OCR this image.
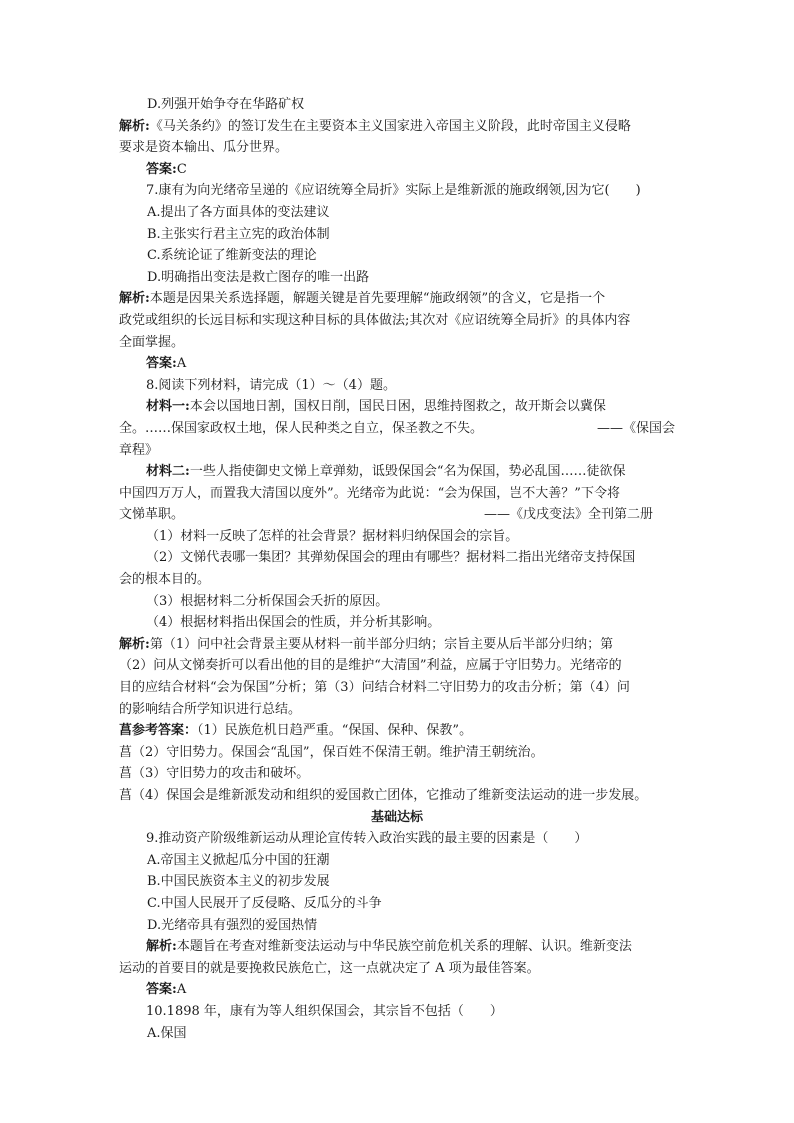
D.列强开始争夺在华路矿权
解析:《马关条约》的签订发生在主要资本主义国家进入帝国主义阶段，此时帝国主义侵略
要求是资本输出、瓜分世界。
答案:C
7.康有为向光绪帝呈递的《应诏统筹全局折》实际上是维新派的施政纲领,因为它(　　)
A.提出了各方面具体的变法建议
B.主张实行君主立宪的政治体制
C.系统论证了维新变法的理论
D.明确指出变法是救亡图存的唯一出路
解析:本题是因果关系选择题，解题关键是首先要理解“施政纲领”的含义，它是指一个
政党或组织的长远目标和实现这种目标的具体做法;其次对《应诏统筹全局折》的具体内容
全面掌握。
答案:A
8.阅读下列材料，请完成（1）～（4）题。
材料一:本会以国地日割，国权日削，国民日困，思维持图救之，故开斯会以冀保
全。……保国家政权土地，保人民种类之自立，保圣教之不失。	——《保国会
章程》
材料二:一些人指使御史文悌上章弹劾，诋毁保国会“名为保国，势必乱国……徒欲保
中国四万万人，而置我大清国以度外”。光绪帝为此说：“会为保国，岂不大善？”下令将
文悌革职。	——《戊戌变法》全刊第二册
（1）材料一反映了怎样的社会背景？据材料归纳保国会的宗旨。
（2）文悌代表哪一集团？其弹劾保国会的理由有哪些？据材料二指出光绪帝支持保国
会的根本目的。
（3）根据材料二分析保国会夭折的原因。
（4）根据材料指出保国会的性质，并分析其影响。
解析:第（1）问中社会背景主要从材料一前半部分归纳；宗旨主要从后半部分归纳；第
（2）问从文悌奏折可以看出他的目的是维护“大清国”利益，应属于守旧势力。光绪帝的
目的应结合材料“会为保国”分析；第（3）问结合材料二守旧势力的攻击分析；第（4）问
的影响结合所学知识进行总结。
菖参考答案：（1）民族危机日趋严重。“保国、保种、保教”。
菖（2）守旧势力。保国会“乱国”，保百姓不保清王朝。维护清王朝统治。
菖（3）守旧势力的攻击和破坏。
菖（4）保国会是维新派发动和组织的爱国救亡团体，它推动了维新变法运动的进一步发展。
基础达标
9.推动资产阶级维新运动从理论宣传转入政治实践的最主要的因素是（　　）
A.帝国主义掀起瓜分中国的狂潮
B.中国民族资本主义的初步发展
C.中国人民展开了反侵略、反瓜分的斗争
D.光绪帝具有强烈的爱国热情
解析:本题旨在考查对维新变法运动与中华民族空前危机关系的理解、认识。维新变法
运动的首要目的就是要挽救民族危亡，这一点就决定了 A 项为最佳答案。
答案:A
10.1898 年，康有为等人组织保国会，其宗旨不包括（　　）
A.保国
